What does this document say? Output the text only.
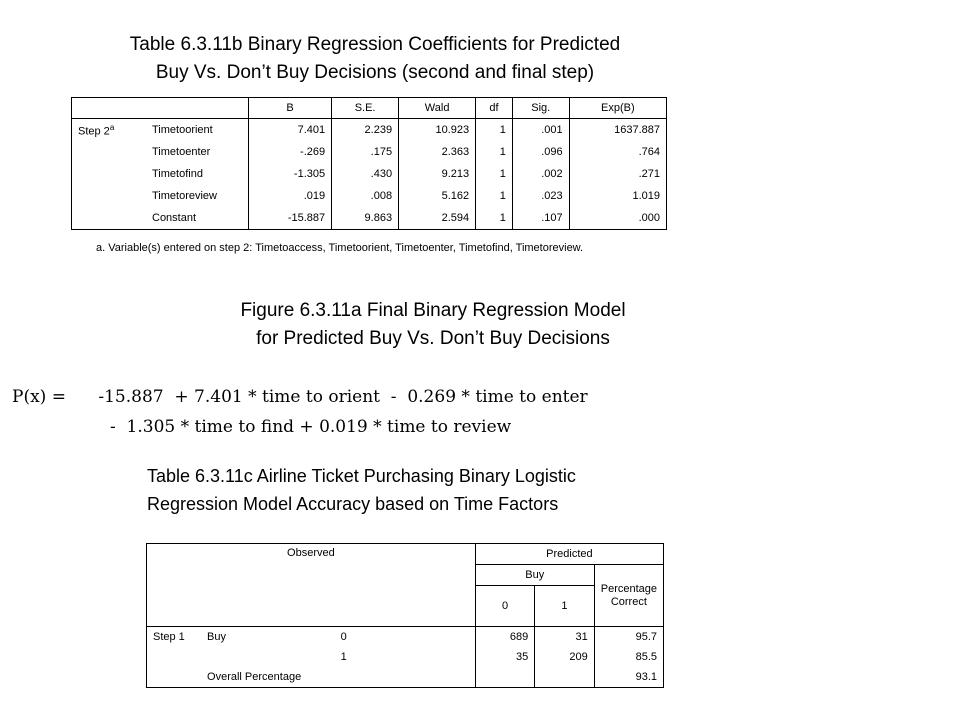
Table 6.3.11b Binary Regression Coefficients for Predicted
Buy Vs. Don’t Buy Decisions (second and final step)
		B	S.E.	Wald	df	Sig.	Exp(B)
Step 2$^a$	Timetoorient	7.401	2.239	10.923	1	.001	1637.887
	Timetoenter	-.269	.175	2.363	1	.096	.764
	Timetofind	-1.305	.430	9.213	1	.002	.271
	Timetoreview	.019	.008	5.162	1	.023	1.019
	Constant	-15.887	9.863	2.594	1	.107	.000
a. Variable(s) entered on step 2: Timetoaccess, Timetoorient, Timetoenter, Timetofind, Timetoreview.
Figure 6.3.11a Final Binary Regression Model
for Predicted Buy Vs. Don’t Buy Decisions
P(x) =      -15.887  + 7.401 * time to orient  -  0.269 * time to enter
-  1.305 * time to find + 0.019 * time to review
Table 6.3.11c Airline Ticket Purchasing Binary Logistic
Regression Model Accuracy based on Time Factors
Observed			Predicted		
			Buy		Percentage
Correct

			0	1	
Step 1	Buy	0	689	31	95.7
		1	35	209	85.5
	Overall Percentage				93.1
